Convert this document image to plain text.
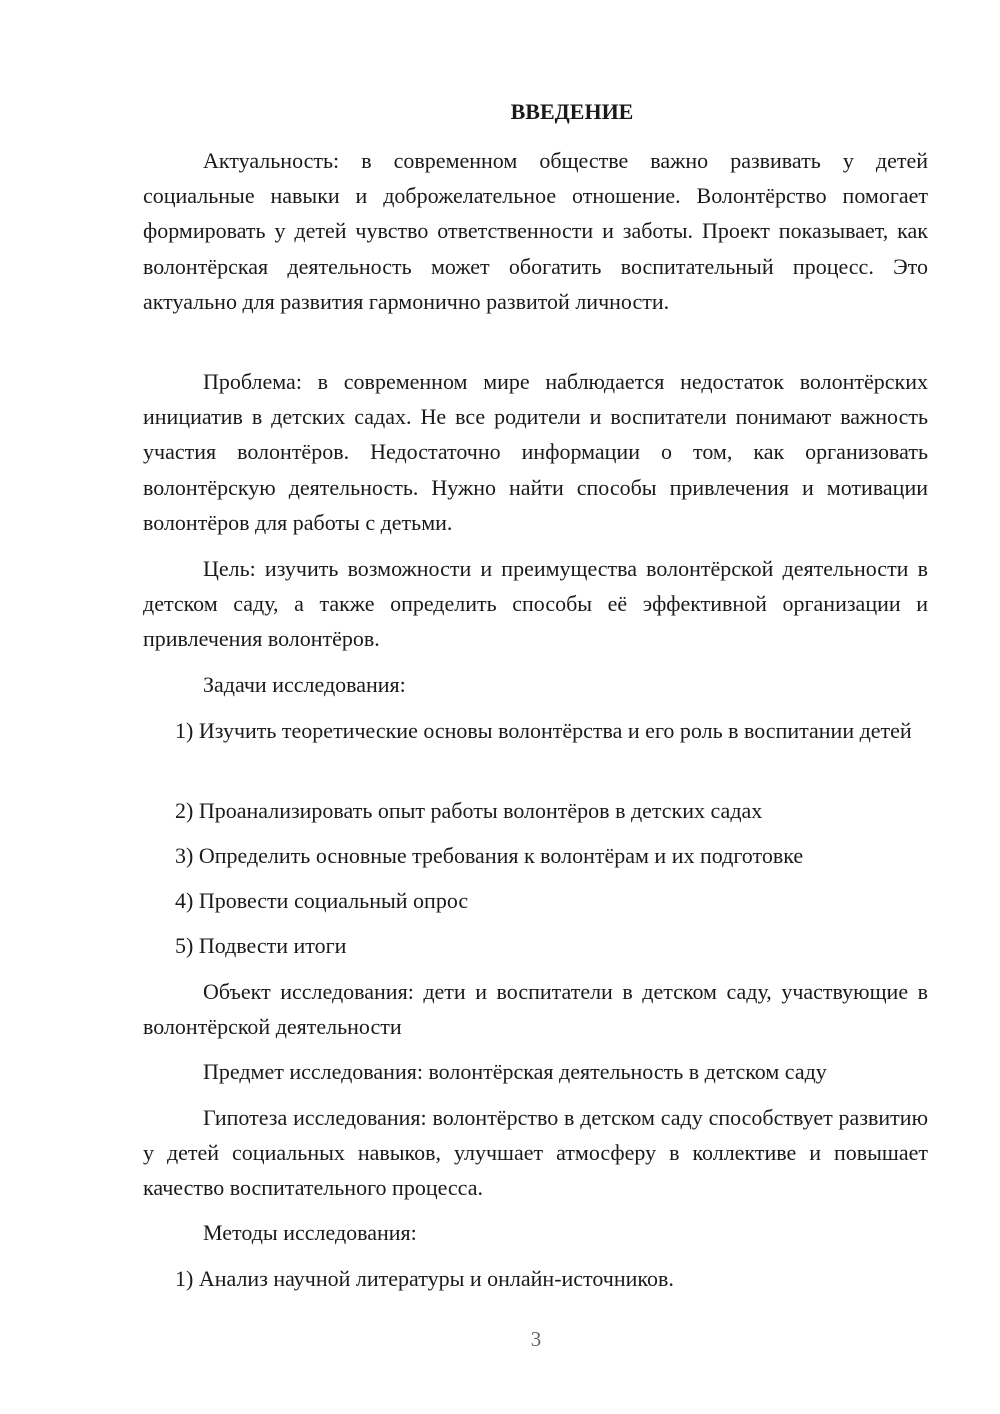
ВВЕДЕНИЕ

Актуальность: в современном обществе важно развивать у детей социальные навыки и доброжелательное отношение. Волонтёрство помогает формировать у детей чувство ответственности и заботы. Проект показывает, как волонтёрская деятельность может обогатить воспитательный процесс. Это актуально для развития гармонично развитой личности.

Проблема: в современном мире наблюдается недостаток волонтёрских инициатив в детских садах. Не все родители и воспитатели понимают важность участия волонтёров. Недостаточно информации о том, как организовать волонтёрскую деятельность. Нужно найти способы привлечения и мотивации волонтёров для работы с детьми.

Цель: изучить возможности и преимущества волонтёрской деятельности в детском саду, а также определить способы её эффективной организации и привлечения волонтёров.

Задачи исследования:

1) Изучить теоретические основы волонтёрства и его роль в воспитании детей

2) Проанализировать опыт работы волонтёров в детских садах

3) Определить основные требования к волонтёрам и их подготовке

4) Провести социальный опрос

5) Подвести итоги

Объект исследования: дети и воспитатели в детском саду, участвующие в волонтёрской деятельности

Предмет исследования: волонтёрская деятельность в детском саду

Гипотеза исследования: волонтёрство в детском саду способствует развитию у детей социальных навыков, улучшает атмосферу в коллективе и повышает качество воспитательного процесса.

Методы исследования:

1) Анализ научной литературы и онлайн-источников.

3
